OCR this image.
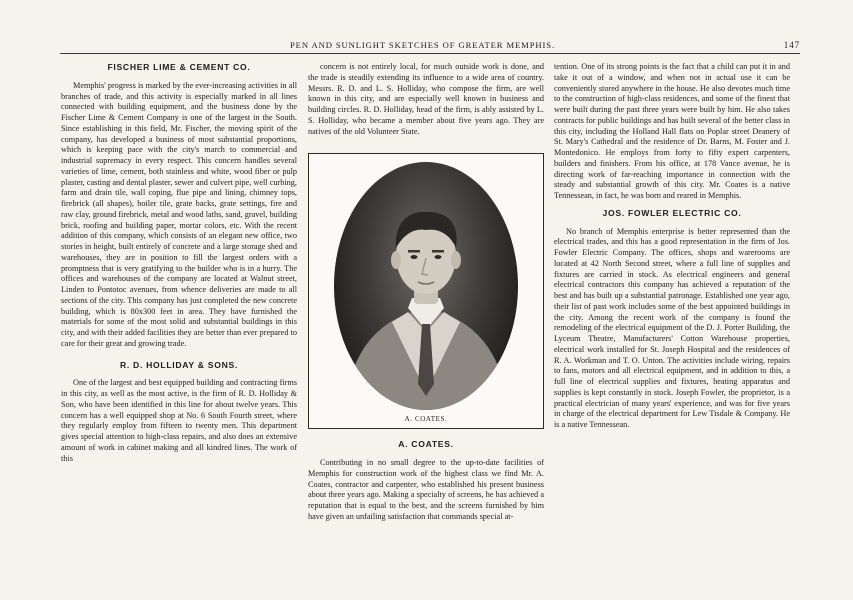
PEN AND SUNLIGHT SKETCHES OF GREATER MEMPHIS.	147
FISCHER LIME & CEMENT CO.

Memphis' progress is marked by the ever-increasing activities in all branches of trade, and this activity is especially marked in all lines connected with building equipment, and the business done by the Fischer Lime & Cement Company is one of the largest in the South. Since establishing in this field, Mr. Fischer, the moving spirit of the company, has developed a business of most substantial proportions, which is keeping pace with the city's march to commercial and industrial supremacy in every respect. This concern handles several varieties of lime, cement, both stainless and white, wood fiber or pulp plaster, casting and dental plaster, sewer and culvert pipe, well curbing, farm and drain tile, wall coping, flue pipe and lining, chimney tops, firebrick (all shapes), boiler tile, grate backs, grate settings, fire and raw clay, ground firebrick, metal and wood laths, sand, gravel, building brick, roofing and building paper, mortar colors, etc. With the recent addition of this company, which consists of an elegant new office, two stories in height, built entirely of concrete and a large storage shed and warehouses, they are in position to fill the largest orders with a promptness that is very gratifying to the builder who is in a hurry. The offices and warehouses of the company are located at Walnut street, Linden to Pontotoc avenues, from whence deliveries are made to all sections of the city. This company has just completed the new concrete building, which is 80x300 feet in area. They have furnished the materials for some of the most solid and substantial buildings in this city, and with their added facilities they are better than ever prepared to care for their great and growing trade.

R. D. HOLLIDAY & SONS.

One of the largest and best equipped building and contracting firms in this city, as well as the most active, is the firm of R. D. Holliday & Son, who have been identified in this line for about twelve years. This concern has a well equipped shop at No. 6 South Fourth street, where they regularly employ from fifteen to twenty men. This department gives special attention to high-class repairs, and also does an extensive amount of work in cabinet making and all kindred lines. The work of this

concern is not entirely local, for much outside work is done, and the trade is steadily extending its influence to a wide area of country. Messrs. R. D. and L. S. Holliday, who compose the firm, are well known in this city, and are especially well known in business and building circles. R. D. Holliday, head of the firm, is ably assisted by L. S. Holliday, who became a member about five years ago. They are natives of the old Volunteer State.

A. COATES.
A. COATES.

Contributing in no small degree to the up-to-date facilities of Memphis for construction work of the highest class we find Mr. A. Coates, contractor and carpenter, who established his present business about three years ago. Making a specialty of screens, he has achieved a reputation that is equal to the best, and the screens furnished by him have given an unfailing satisfaction that commands special at-

tention. One of its strong points is the fact that a child can put it in and take it out of a window, and when not in actual use it can be conveniently stored anywhere in the house. He also devotes much time to the construction of high-class residences, and some of the finest that were built during the past three years were built by him. He also takes contracts for public buildings and has built several of the better class in this city, including the Holland Hall flats on Poplar street Deanery of St. Mary's Cathedral and the residence of Dr. Barns, M. Foster and J. Montedonico. He employs from forty to fifty expert carpenters, builders and finishers. From his office, at 178 Vance avenue, he is directing work of far-reaching importance in connection with the steady and substantial growth of this city. Mr. Coates is a native Tennessean, in fact, he was born and reared in Memphis.

JOS. FOWLER ELECTRIC CO.

No branch of Memphis enterprise is better represented than the electrical trades, and this has a good representation in the firm of Jos. Fowler Electric Company. The offices, shops and warerooms are located at 42 North Second street, where a full line of supplies and fixtures are carried in stock. As electrical engineers and general electrical contractors this company has achieved a reputation of the best and has built up a substantial patronage. Established one year ago, their list of past work includes some of the best appointed buildings in the city. Among the recent work of the company is found the remodeling of the electrical equipment of the D. J. Porter Building, the Lyceum Theatre, Manufacturers' Cotton Warehouse properties, electrical work installed for St. Joseph Hospital and the residences of R. A. Workman and T. O. Unton. The activities include wiring, repairs to fans, motors and all electrical equipment, and in addition to this, a full line of electrical supplies and fixtures, heating apparatus and supplies is kept constantly in stock. Joseph Fowler, the proprietor, is a practical electrician of many years' experience, and was for five years in charge of the electrical department for Lew Tisdale & Company. He is a native Tennessean.
